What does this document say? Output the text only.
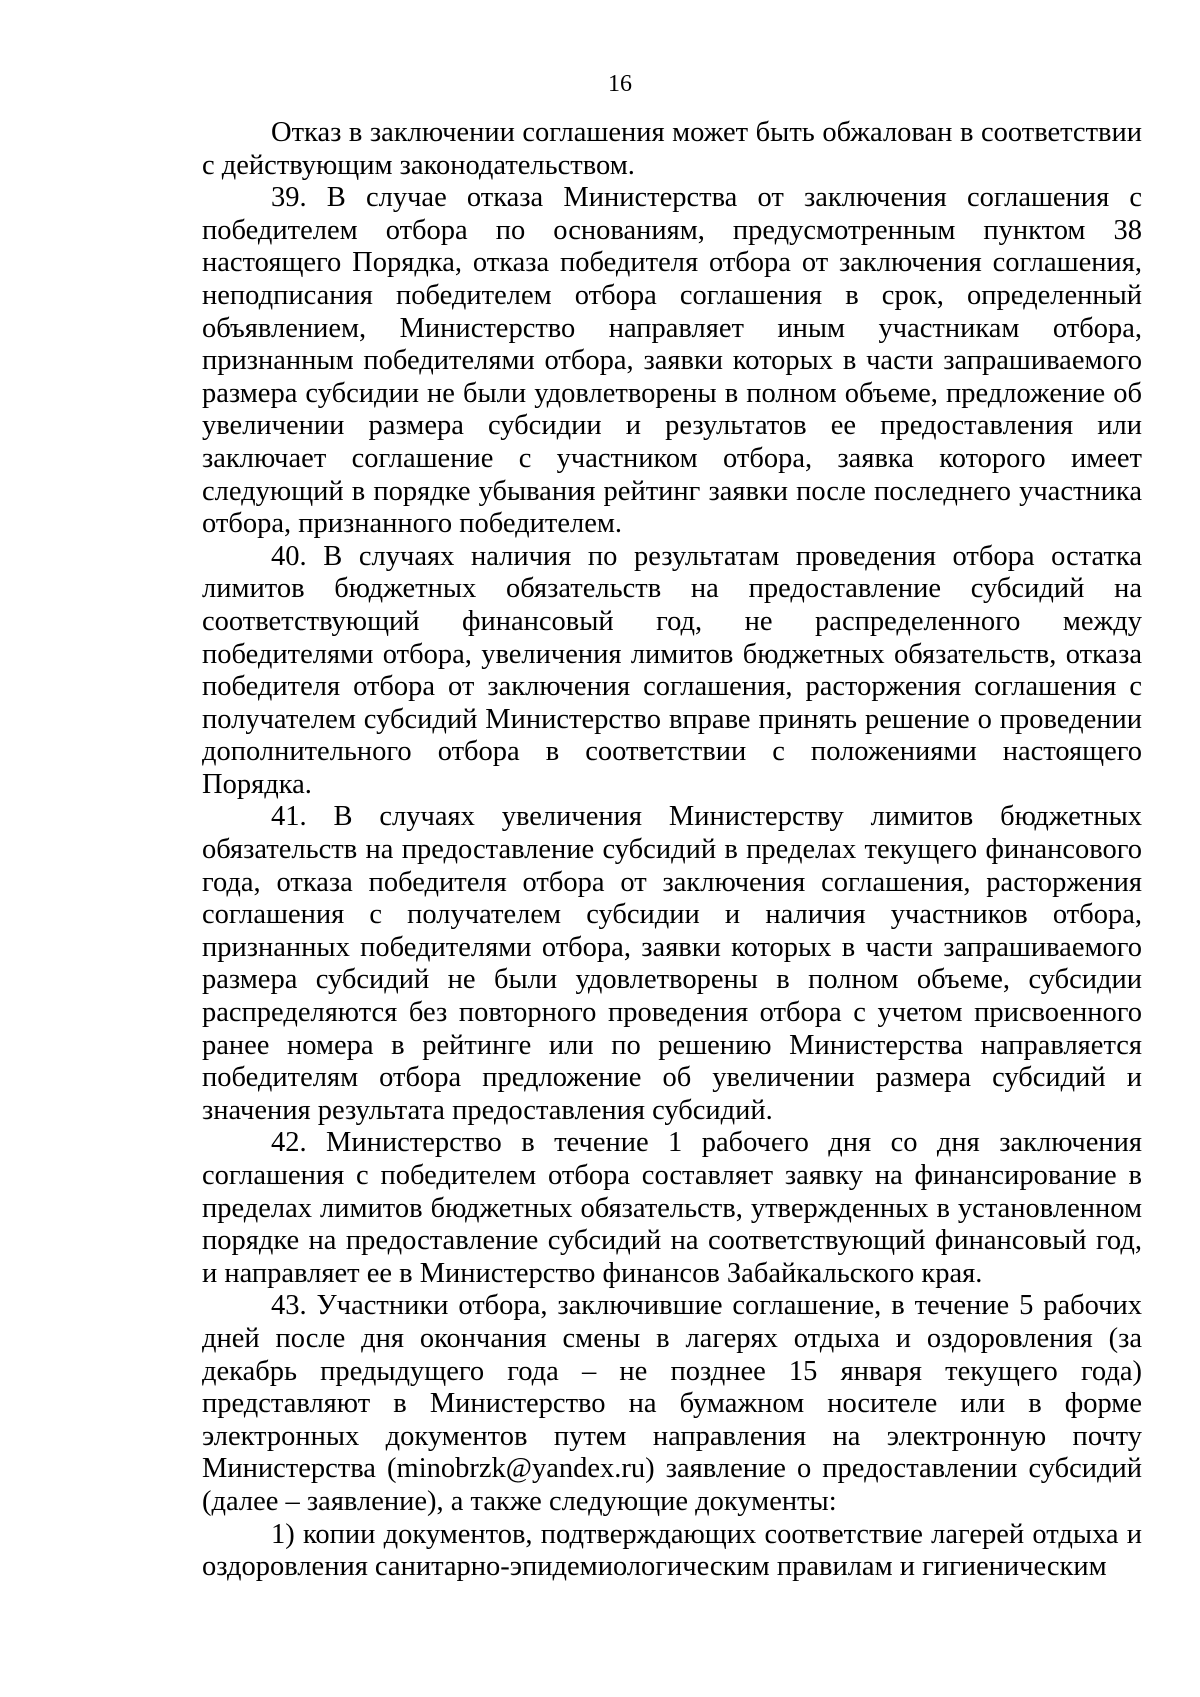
16

Отказ в заключении соглашения может быть обжалован в соответствии с действующим законодательством.

39. В случае отказа Министерства от заключения соглашения с победителем отбора по основаниям, предусмотренным пунктом 38 настоящего Порядка, отказа победителя отбора от заключения соглашения, неподписания победителем отбора соглашения в срок, определенный объявлением, Министерство направляет иным участникам отбора, признанным победителями отбора, заявки которых в части запрашиваемого размера субсидии не были удовлетворены в полном объеме, предложение об увеличении размера субсидии и результатов ее предоставления или заключает соглашение с участником отбора, заявка которого имеет следующий в порядке убывания рейтинг заявки после последнего участника отбора, признанного победителем.

40. В случаях наличия по результатам проведения отбора остатка лимитов бюджетных обязательств на предоставление субсидий на соответствующий финансовый год, не распределенного между победителями отбора, увеличения лимитов бюджетных обязательств, отказа победителя отбора от заключения соглашения, расторжения соглашения с получателем субсидий Министерство вправе принять решение о проведении дополнительного отбора в соответствии с положениями настоящего Порядка.

41. В случаях увеличения Министерству лимитов бюджетных обязательств на предоставление субсидий в пределах текущего финансового года, отказа победителя отбора от заключения соглашения, расторжения соглашения с получателем субсидии и наличия участников отбора, признанных победителями отбора, заявки которых в части запрашиваемого размера субсидий не были удовлетворены в полном объеме, субсидии распределяются без повторного проведения отбора с учетом присвоенного ранее номера в рейтинге или по решению Министерства направляется победителям отбора предложение об увеличении размера субсидий и значения результата предоставления субсидий.

42. Министерство в течение 1 рабочего дня со дня заключения соглашения с победителем отбора составляет заявку на финансирование в пределах лимитов бюджетных обязательств, утвержденных в установленном порядке на предоставление субсидий на соответствующий финансовый год, и направляет ее в Министерство финансов Забайкальского края.

43. Участники отбора, заключившие соглашение, в течение 5 рабочих дней после дня окончания смены в лагерях отдыха и оздоровления (за декабрь предыдущего года – не позднее 15 января текущего года) представляют в Министерство на бумажном носителе или в форме электронных документов путем направления на электронную почту Министерства (minobrzk@yandex.ru) заявление о предоставлении субсидий (далее – заявление), а также следующие документы:

1) копии документов, подтверждающих соответствие лагерей отдыха и оздоровления санитарно-эпидемиологическим правилам и гигиеническим
